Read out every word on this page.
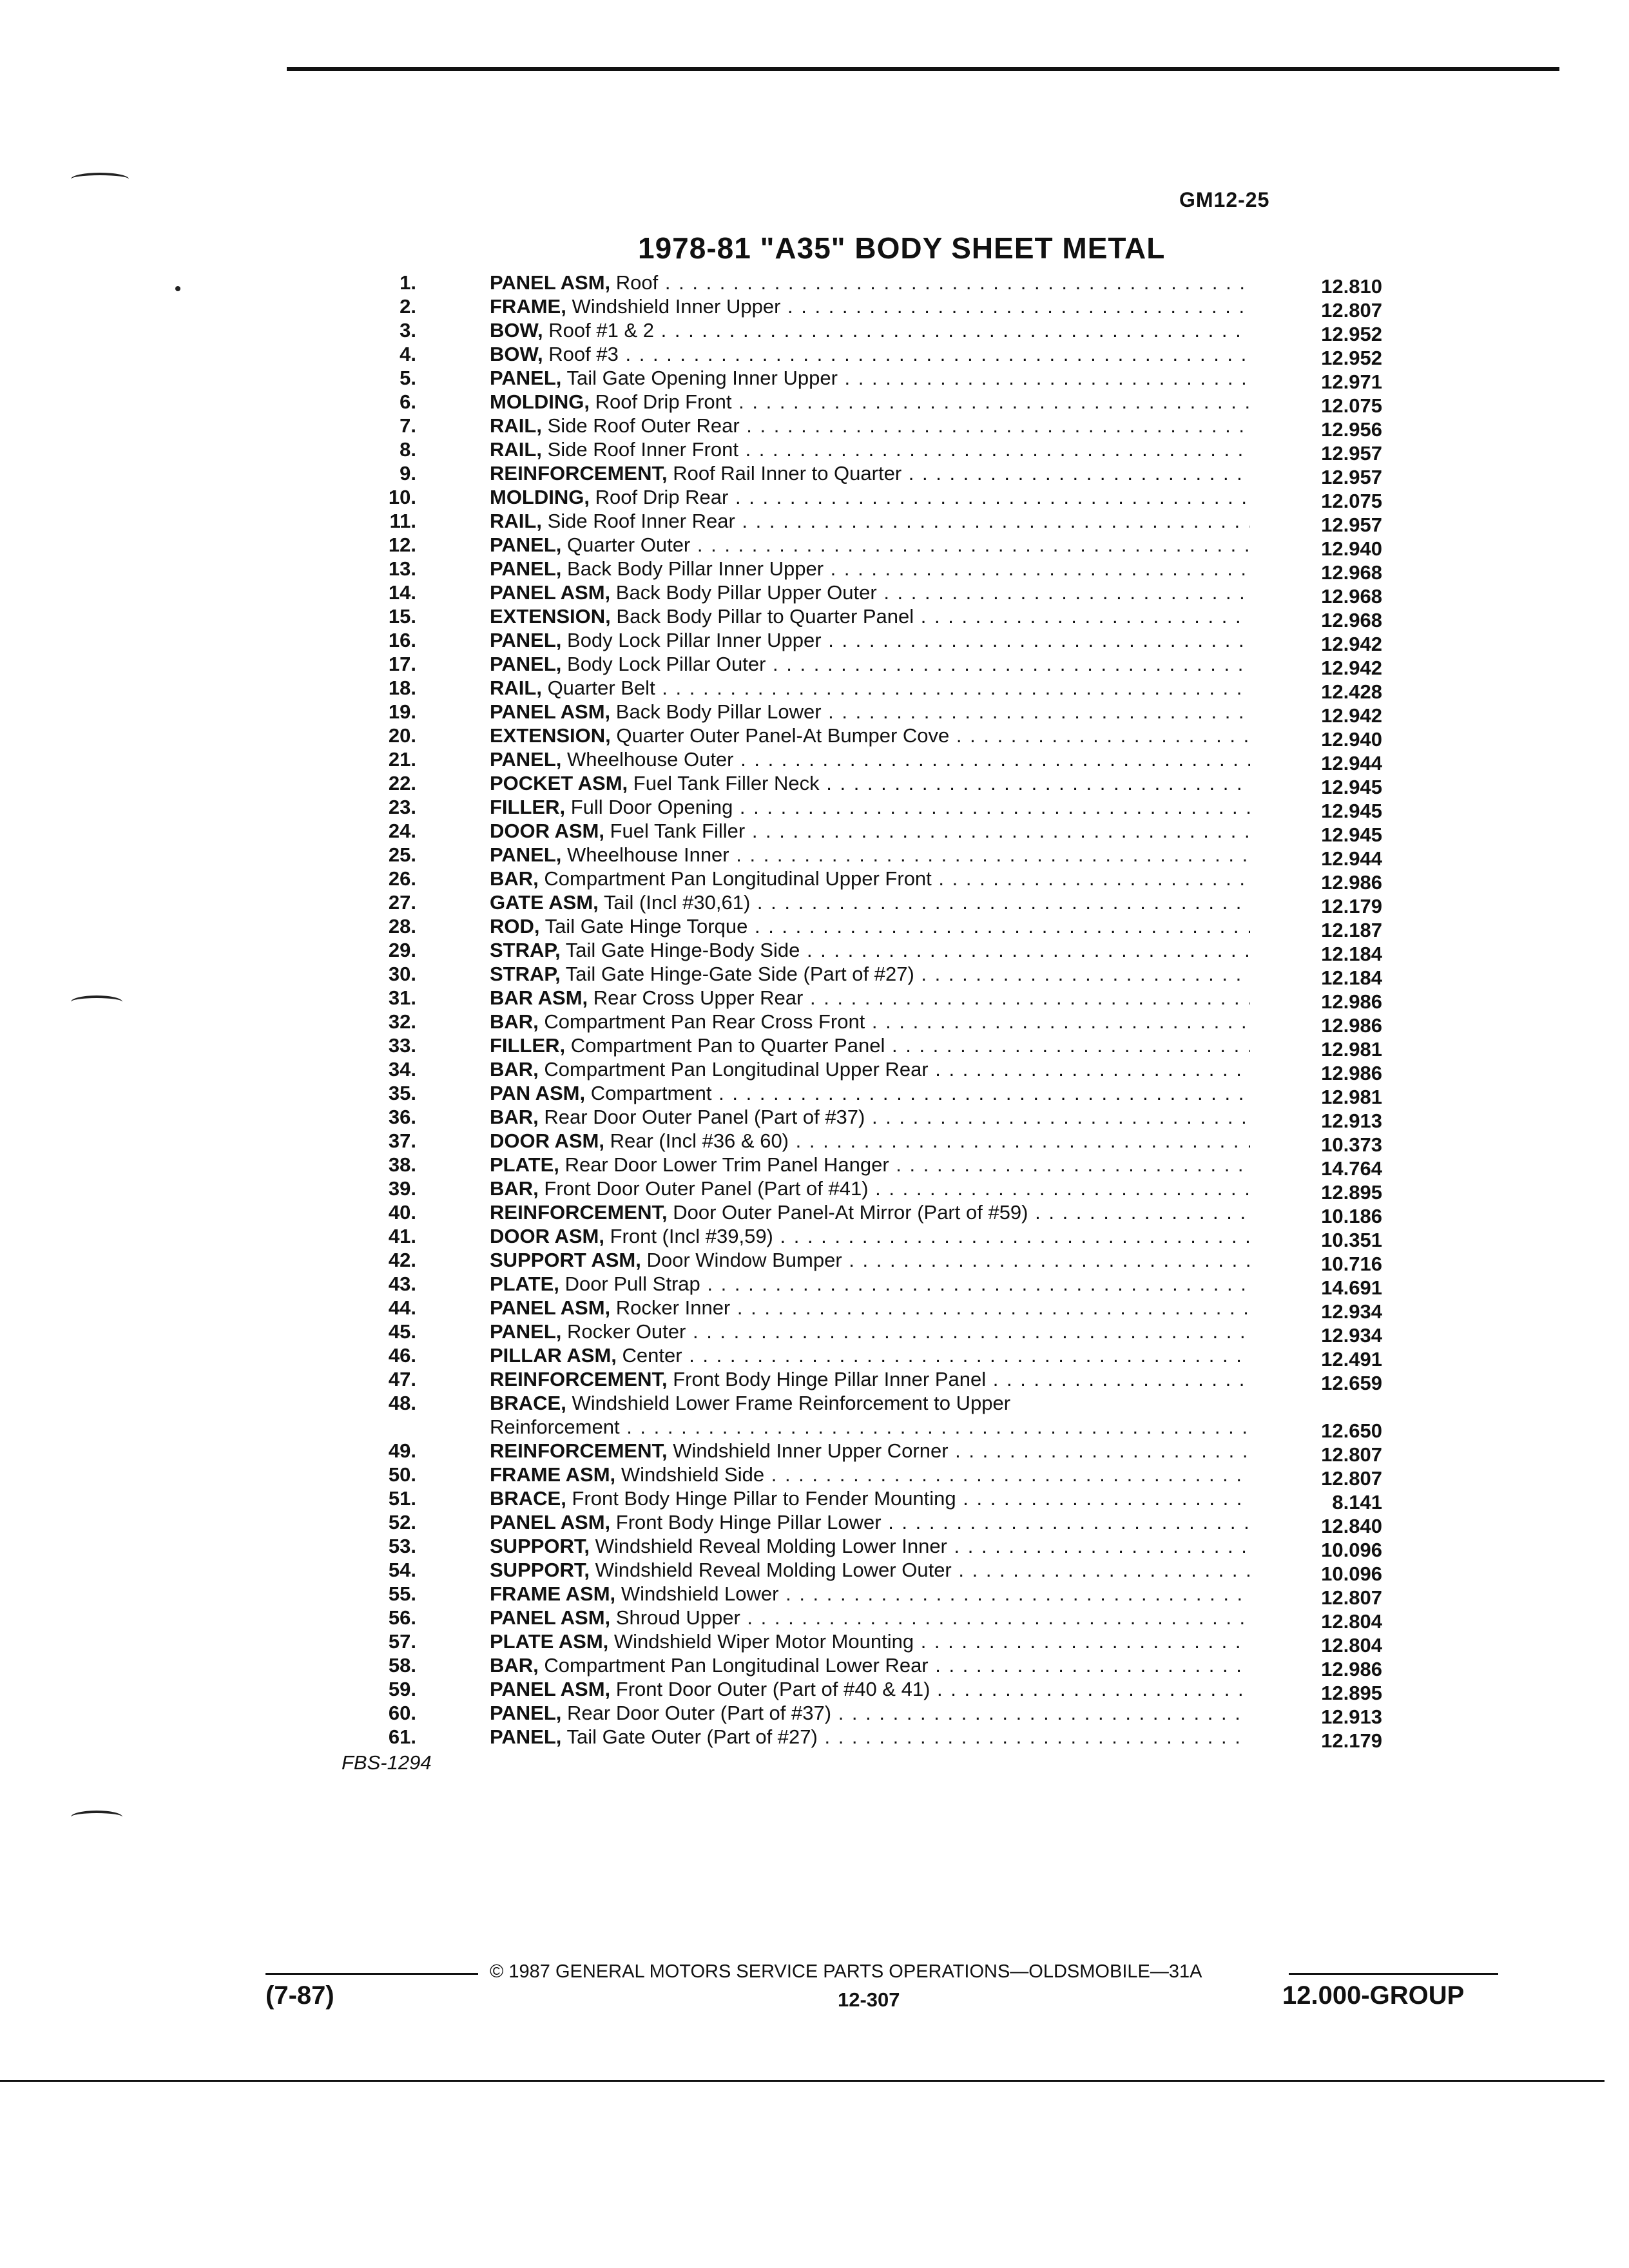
GM12-25
1978-81 "A35" BODY SHEET METAL
1.	PANEL ASM, Roof . . .	12.810
2.	FRAME, Windshield Inner Upper . . .	12.807
3.	BOW, Roof #1 & 2 . . .	12.952
4.	BOW, Roof #3 . . .	12.952
5.	PANEL, Tail Gate Opening Inner Upper . . .	12.971
6.	MOLDING, Roof Drip Front . . .	12.075
7.	RAIL, Side Roof Outer Rear . . .	12.956
8.	RAIL, Side Roof Inner Front . . .	12.957
9.	REINFORCEMENT, Roof Rail Inner to Quarter . . .	12.957
10.	MOLDING, Roof Drip Rear . . .	12.075
11.	RAIL, Side Roof Inner Rear . . .	12.957
12.	PANEL, Quarter Outer . . .	12.940
13.	PANEL, Back Body Pillar Inner Upper . . .	12.968
14.	PANEL ASM, Back Body Pillar Upper Outer . . .	12.968
15.	EXTENSION, Back Body Pillar to Quarter Panel . . .	12.968
16.	PANEL, Body Lock Pillar Inner Upper . . .	12.942
17.	PANEL, Body Lock Pillar Outer . . .	12.942
18.	RAIL, Quarter Belt . . .	12.428
19.	PANEL ASM, Back Body Pillar Lower . . .	12.942
20.	EXTENSION, Quarter Outer Panel-At Bumper Cove . . .	12.940
21.	PANEL, Wheelhouse Outer . . .	12.944
22.	POCKET ASM, Fuel Tank Filler Neck . . .	12.945
23.	FILLER, Full Door Opening . . .	12.945
24.	DOOR ASM, Fuel Tank Filler . . .	12.945
25.	PANEL, Wheelhouse Inner . . .	12.944
26.	BAR, Compartment Pan Longitudinal Upper Front . . .	12.986
27.	GATE ASM, Tail (Incl #30,61) . . .	12.179
28.	ROD, Tail Gate Hinge Torque . . .	12.187
29.	STRAP, Tail Gate Hinge-Body Side . . .	12.184
30.	STRAP, Tail Gate Hinge-Gate Side (Part of #27) . . .	12.184
31.	BAR ASM, Rear Cross Upper Rear . . .	12.986
32.	BAR, Compartment Pan Rear Cross Front . . .	12.986
33.	FILLER, Compartment Pan to Quarter Panel . . .	12.981
34.	BAR, Compartment Pan Longitudinal Upper Rear . . .	12.986
35.	PAN ASM, Compartment . . .	12.981
36.	BAR, Rear Door Outer Panel (Part of #37) . . .	12.913
37.	DOOR ASM, Rear (Incl #36 & 60) . . .	10.373
38.	PLATE, Rear Door Lower Trim Panel Hanger . . .	14.764
39.	BAR, Front Door Outer Panel (Part of #41) . . .	12.895
40.	REINFORCEMENT, Door Outer Panel-At Mirror (Part of #59) . . .	10.186
41.	DOOR ASM, Front (Incl #39,59) . . .	10.351
42.	SUPPORT ASM, Door Window Bumper . . .	10.716
43.	PLATE, Door Pull Strap . . .	14.691
44.	PANEL ASM, Rocker Inner . . .	12.934
45.	PANEL, Rocker Outer . . .	12.934
46.	PILLAR ASM, Center . . .	12.491
47.	REINFORCEMENT, Front Body Hinge Pillar Inner Panel . . .	12.659
48.	BRACE, Windshield Lower Frame Reinforcement to Upper
Reinforcement . . .	12.650
49.	REINFORCEMENT, Windshield Inner Upper Corner . . .	12.807
50.	FRAME ASM, Windshield Side . . .	12.807
51.	BRACE, Front Body Hinge Pillar to Fender Mounting . . .	8.141
52.	PANEL ASM, Front Body Hinge Pillar Lower . . .	12.840
53.	SUPPORT, Windshield Reveal Molding Lower Inner . . .	10.096
54.	SUPPORT, Windshield Reveal Molding Lower Outer . . .	10.096
55.	FRAME ASM, Windshield Lower . . .	12.807
56.	PANEL ASM, Shroud Upper . . .	12.804
57.	PLATE ASM, Windshield Wiper Motor Mounting . . .	12.804
58.	BAR, Compartment Pan Longitudinal Lower Rear . . .	12.986
59.	PANEL ASM, Front Door Outer (Part of #40 & 41) . . .	12.895
60.	PANEL, Rear Door Outer (Part of #37) . . .	12.913
61.	PANEL, Tail Gate Outer (Part of #27) . . .	12.179
FBS-1294
(7-87)
© 1987 GENERAL MOTORS SERVICE PARTS OPERATIONS—OLDSMOBILE—31A
12-307	12.000-GROUP
